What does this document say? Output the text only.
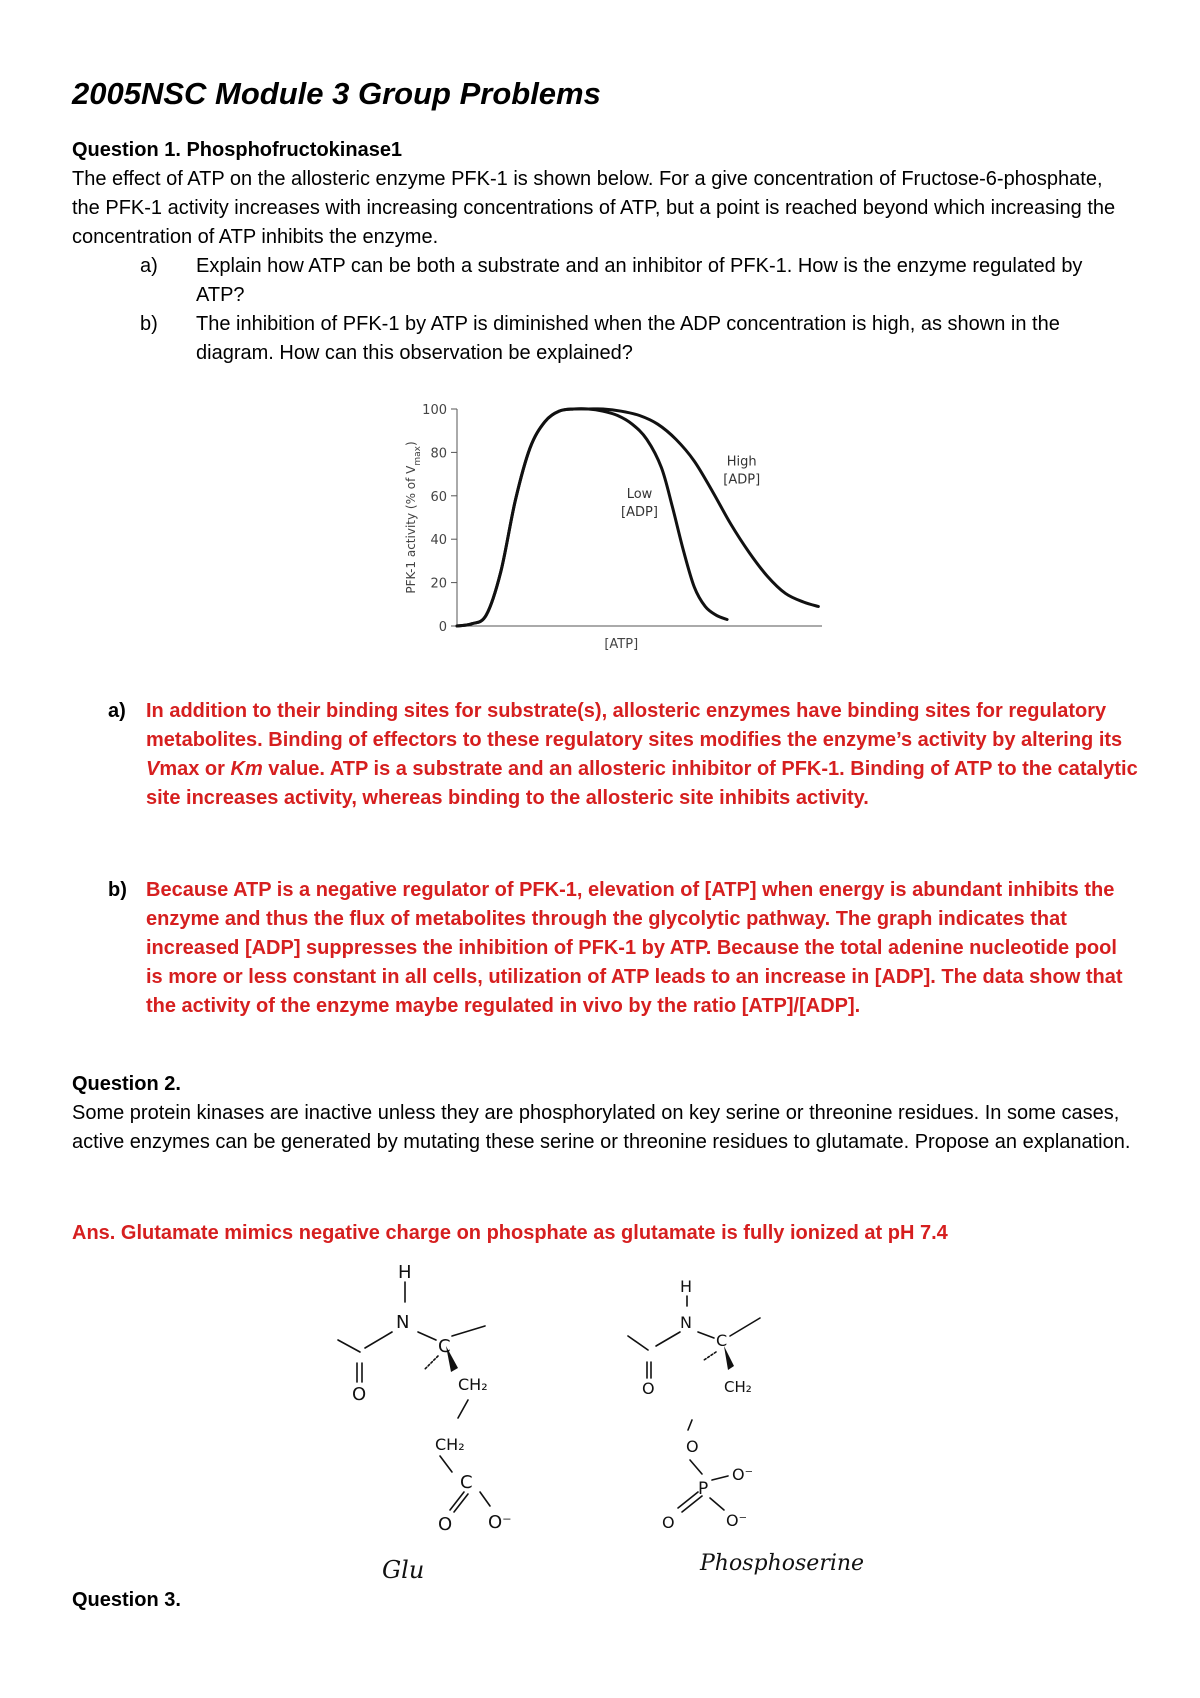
2005NSC Module 3 Group Problems

Question 1. Phosphofructokinase1

The effect of ATP on the allosteric enzyme PFK-1 is shown below. For a give concentration of Fructose-6-phosphate, the PFK-1 activity increases with increasing concentrations of ATP, but a point is reached beyond which increasing the concentration of ATP inhibits the enzyme.

a) Explain how ATP can be both a substrate and an inhibitor of PFK-1. How is the enzyme regulated by ATP?
b) The inhibition of PFK-1 by ATP is diminished when the ADP concentration is high, as shown in the diagram. How can this observation be explained?
0
20
40
60
80
100
[ATP]
PFK-1 activity (% of $V_{max}$)
Low
[ADP]
High
[ADP]

a)	In addition to their binding sites for substrate(s), allosteric enzymes have binding sites for regulatory metabolites. Binding of effectors to these regulatory sites modifies the enzyme’s activity by altering its Vmax or Km value. ATP is a substrate and an allosteric inhibitor of PFK-1. Binding of ATP to the catalytic site increases activity, whereas binding to the allosteric site inhibits activity.

b) Because ATP is a negative regulator of PFK-1, elevation of [ATP] when energy is abundant inhibits the enzyme and thus the flux of metabolites through the glycolytic pathway. The graph indicates that increased [ADP] suppresses the inhibition of PFK-1 by ATP. Because the total adenine nucleotide pool is more or less constant in all cells, utilization of ATP leads to an increase in [ADP]. The data show that the activity of the enzyme maybe regulated in vivo by the ratio [ATP]/[ADP].

Question 2.

Some protein kinases are inactive unless they are phosphorylated on key serine or threonine residues. In some cases, active enzymes can be generated by mutating these serine or threonine residues to glutamate. Propose an explanation.

Ans. Glutamate mimics negative charge on phosphate as glutamate is fully ionized at pH 7.4

H
N
C
O	CH₂
CH₂
C
O O⁻
Glu
H
N
C
O	CH₂
O
P
O⁻
O	O⁻
Phosphoserine

Question 3.
